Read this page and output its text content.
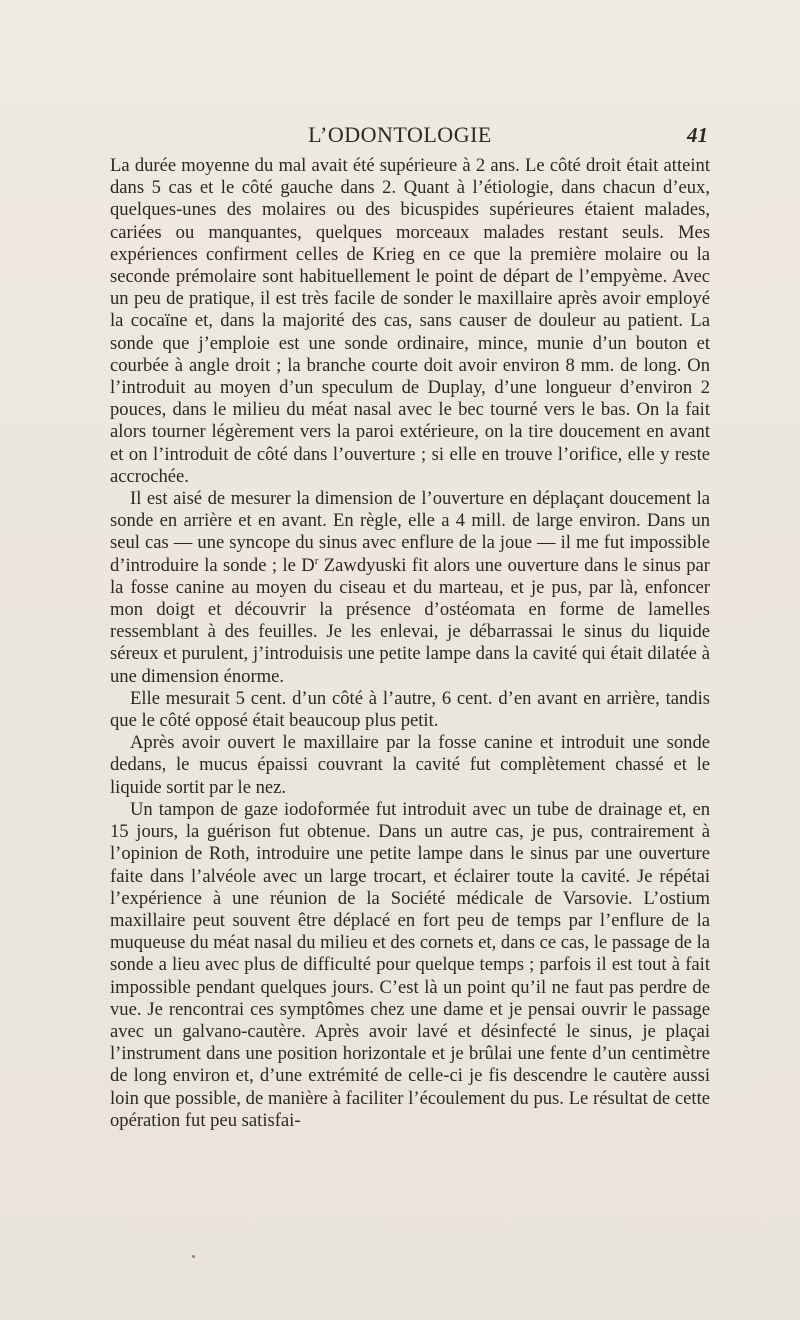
L’ODONTOLOGIE	41

La durée moyenne du mal avait été supérieure à 2 ans. Le côté droit était atteint dans 5 cas et le côté gauche dans 2. Quant à l’étiologie, dans chacun d’eux, quelques-unes des molaires ou des bicuspides supérieures étaient malades, cariées ou manquantes, quelques morceaux malades restant seuls. Mes expériences confirment celles de Krieg en ce que la première molaire ou la seconde prémolaire sont habituellement le point de départ de l’empyème. Avec un peu de pratique, il est très facile de sonder le maxillaire après avoir employé la cocaïne et, dans la majorité des cas, sans causer de douleur au patient. La sonde que j’emploie est une sonde ordinaire, mince, munie d’un bouton et courbée à angle droit ; la branche courte doit avoir environ 8 mm. de long. On l’introduit au moyen d’un speculum de Duplay, d’une longueur d’environ 2 pouces, dans le milieu du méat nasal avec le bec tourné vers le bas. On la fait alors tourner légèrement vers la paroi extérieure, on la tire doucement en avant et on l’introduit de côté dans l’ouverture ; si elle en trouve l’orifice, elle y reste accrochée.

Il est aisé de mesurer la dimension de l’ouverture en déplaçant doucement la sonde en arrière et en avant. En règle, elle a 4 mill. de large environ. Dans un seul cas — une syncope du sinus avec enflure de la joue — il me fut impossible d’introduire la sonde ; le $D^r$ Zawdyuski fit alors une ouverture dans le sinus par la fosse canine au moyen du ciseau et du marteau, et je pus, par là, enfoncer mon doigt et découvrir la présence d’ostéomata en forme de lamelles ressemblant à des feuilles. Je les enlevai, je débarrassai le sinus du liquide séreux et purulent, j’introduisis une petite lampe dans la cavité qui était dilatée à une dimension énorme.

Elle mesurait 5 cent. d’un côté à l’autre, 6 cent. d’en avant en arrière, tandis que le côté opposé était beaucoup plus petit.

Après avoir ouvert le maxillaire par la fosse canine et introduit une sonde dedans, le mucus épaissi couvrant la cavité fut complètement chassé et le liquide sortit par le nez.

Un tampon de gaze iodoformée fut introduit avec un tube de drainage et, en 15 jours, la guérison fut obtenue. Dans un autre cas, je pus, contrairement à l’opinion de Roth, introduire une petite lampe dans le sinus par une ouverture faite dans l’alvéole avec un large trocart, et éclairer toute la cavité. Je répétai l’expérience à une réunion de la Société médicale de Varsovie. L’ostium maxillaire peut souvent être déplacé en fort peu de temps par l’enflure de la muqueuse du méat nasal du milieu et des cornets et, dans ce cas, le passage de la sonde a lieu avec plus de difficulté pour quelque temps ; parfois il est tout à fait impossible pendant quelques jours. C’est là un point qu’il ne faut pas perdre de vue. Je rencontrai ces symptômes chez une dame et je pensai ouvrir le passage avec un galvano-cautère. Après avoir lavé et désinfecté le sinus, je plaçai l’instrument dans une position horizontale et je brûlai une fente d’un centimètre de long environ et, d’une extrémité de celle-ci je fis descendre le cautère aussi loin que possible, de manière à faciliter l’écoulement du pus. Le résultat de cette opération fut peu satisfai-
